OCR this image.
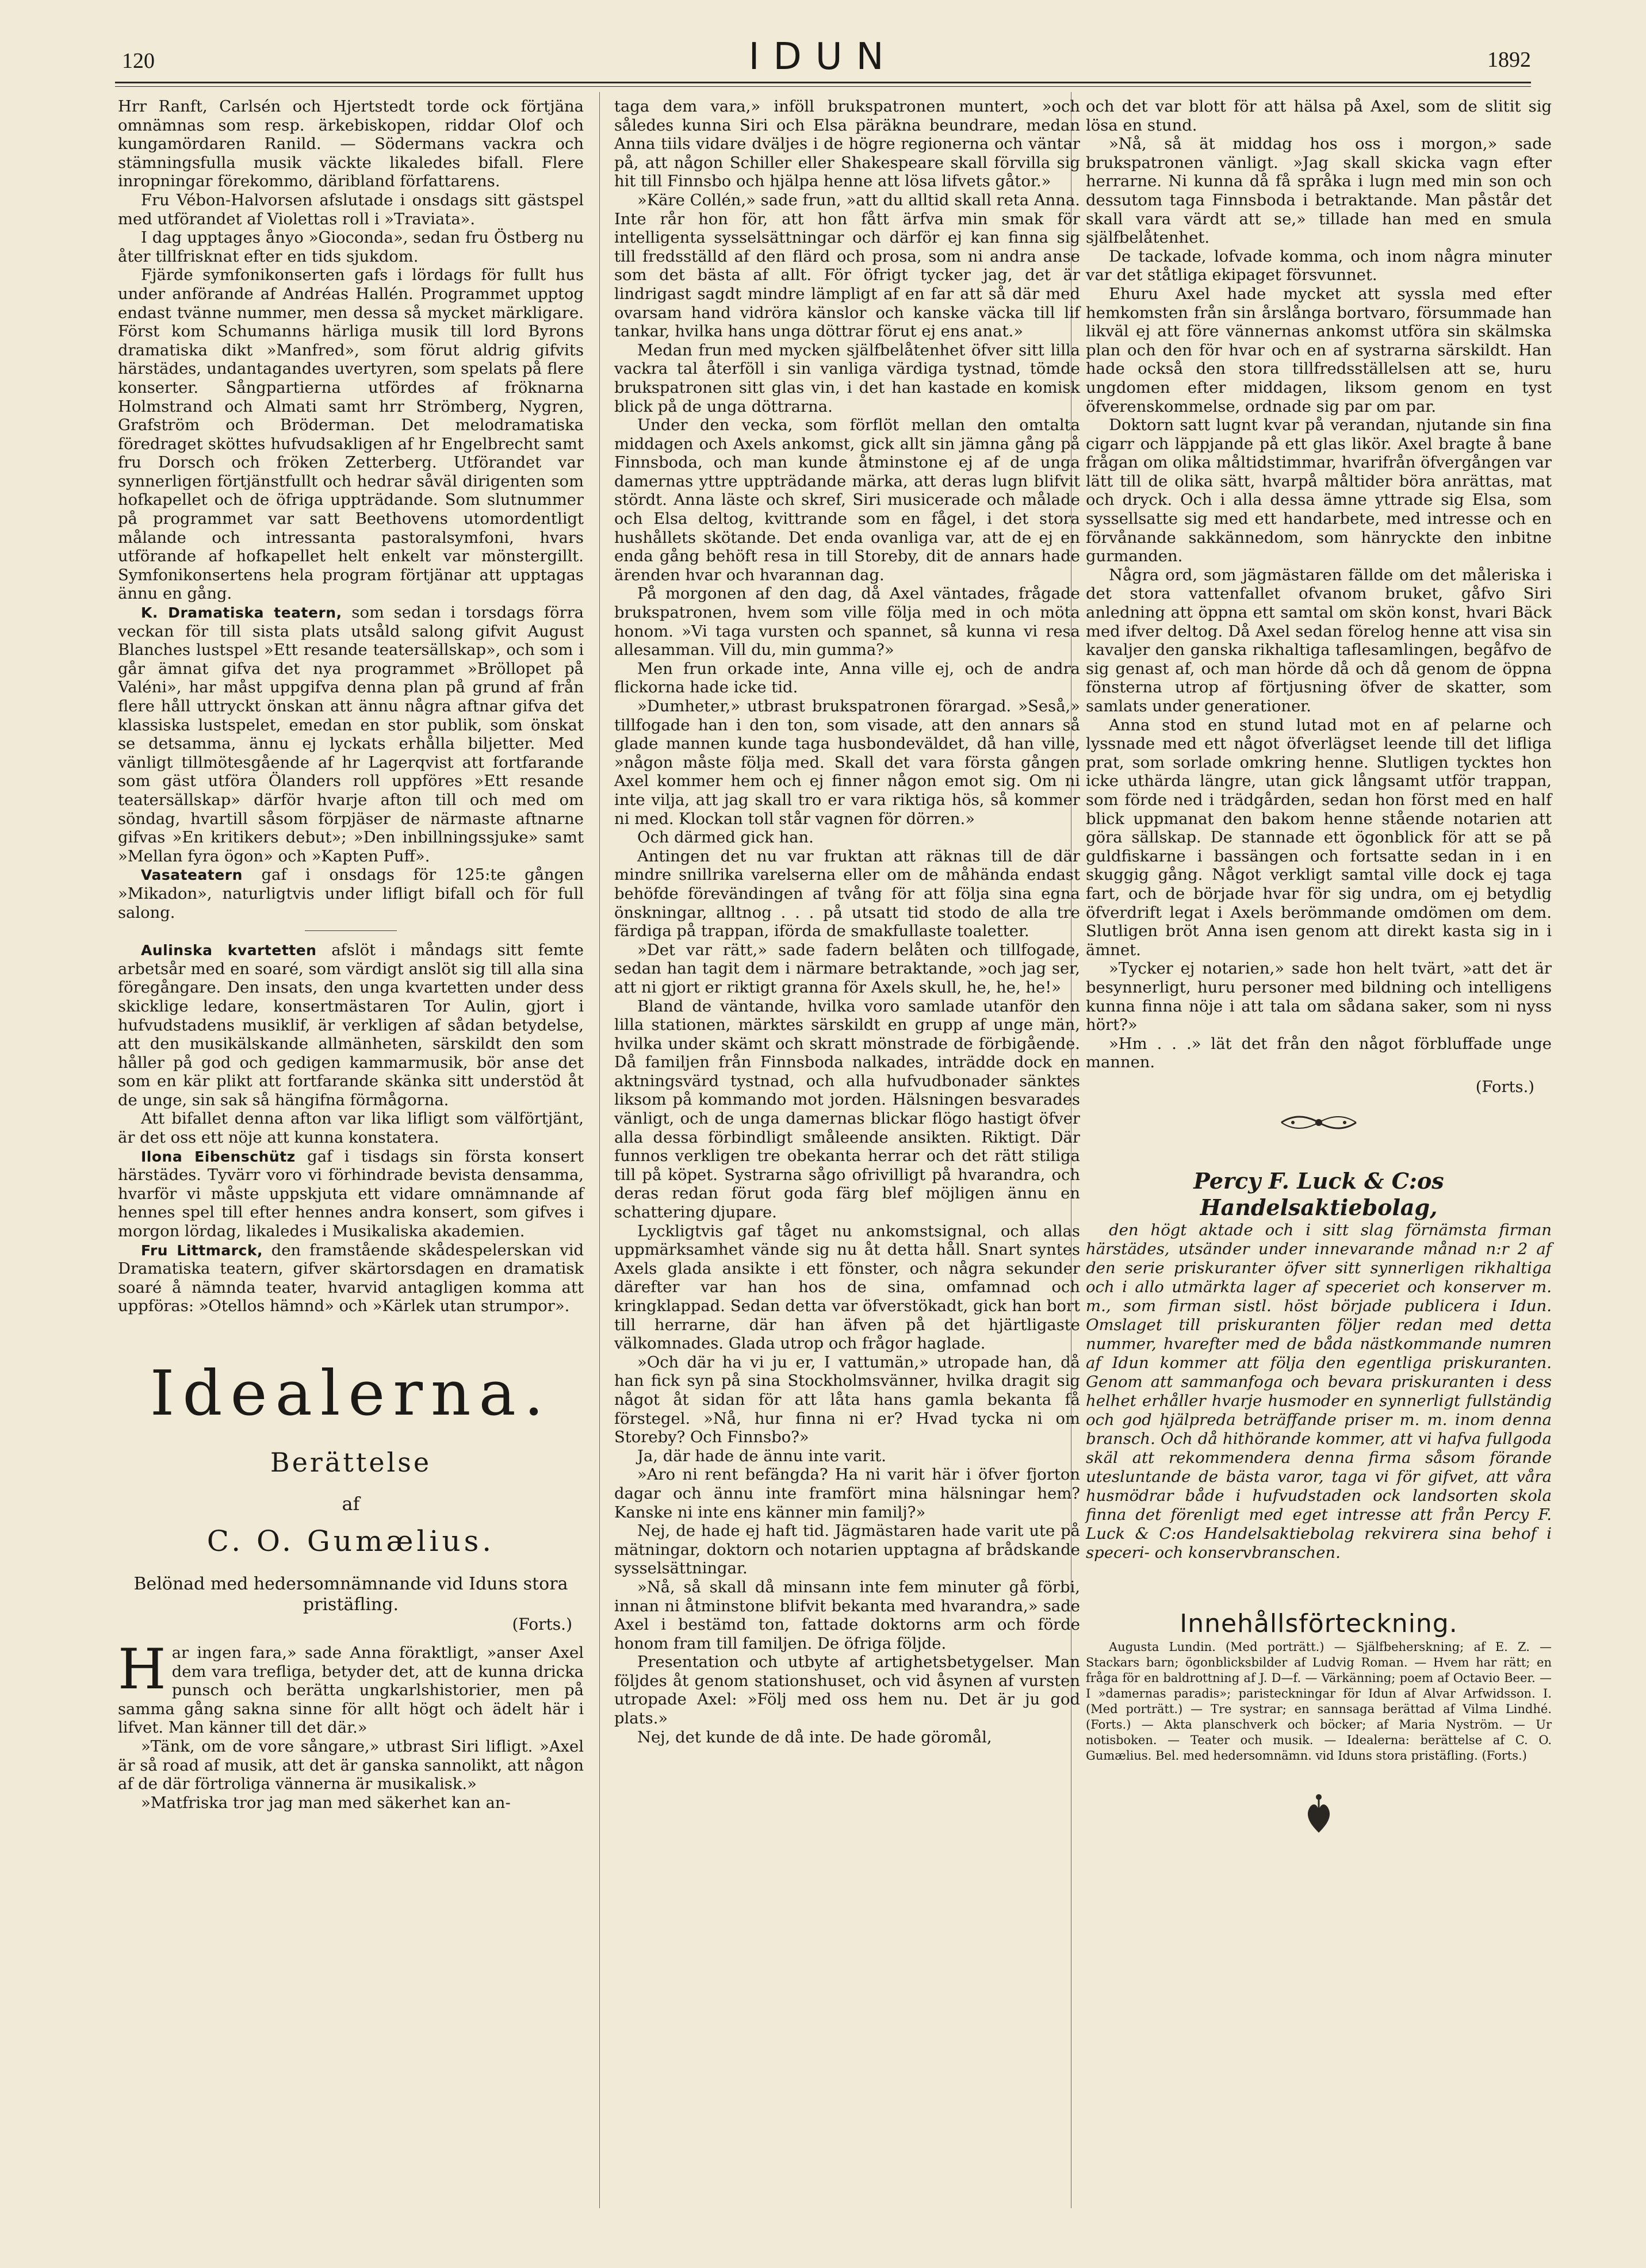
120	IDUN	1892

Hrr Ranft, Carlsén och Hjertstedt torde ock förtjäna omnämnas som resp. ärkebiskopen, riddar Olof och kungamördaren Ranild. — Södermans vackra och stämningsfulla musik väckte likaledes bifall. Flere inropningar förekommo, däribland författarens.

Fru Vébon-Halvorsen afslutade i onsdags sitt gästspel med utförandet af Violettas roll i »Traviata».

I dag upptages ånyo »Gioconda», sedan fru Östberg nu åter tillfrisknat efter en tids sjukdom.

Fjärde symfonikonserten gafs i lördags för fullt hus under anförande af Andréas Hallén. Programmet upptog endast tvänne nummer, men dessa så mycket märkligare. Först kom Schumanns härliga musik till lord Byrons dramatiska dikt »Manfred», som förut aldrig gifvits härstädes, undantagandes uvertyren, som spelats på flere konserter. Sångpartierna utfördes af fröknarna Holmstrand och Almati samt hrr Strömberg, Nygren, Grafström och Bröderman. Det melodramatiska föredraget sköttes hufvudsakligen af hr Engelbrecht samt fru Dorsch och fröken Zetterberg. Utförandet var synnerligen förtjänstfullt och hedrar såväl dirigenten som hofkapellet och de öfriga uppträdande. Som slutnummer på programmet var satt Beethovens utomordentligt målande och intressanta pastoralsymfoni, hvars utförande af hofkapellet helt enkelt var mönstergillt. Symfonikonsertens hela program förtjänar att upptagas ännu en gång.

K. Dramatiska teatern, som sedan i torsdags förra veckan för till sista plats utsåld salong gifvit August Blanches lustspel »Ett resande teatersällskap», och som i går ämnat gifva det nya programmet »Bröllopet på Valéni», har måst uppgifva denna plan på grund af från flere håll uttryckt önskan att ännu några aftnar gifva det klassiska lustspelet, emedan en stor publik, som önskat se detsamma, ännu ej lyckats erhålla biljetter. Med vänligt tillmötesgående af hr Lagerqvist att fortfarande som gäst utföra Ölanders roll uppföres »Ett resande teatersällskap» därför hvarje afton till och med om söndag, hvartill såsom förpjäser de närmaste aftnarne gifvas »En kritikers debut»; »Den inbillningssjuke» samt »Mellan fyra ögon» och »Kapten Puff».

Vasateatern gaf i onsdags för 125:te gången »Mikadon», naturligtvis under lifligt bifall och för full salong.

Aulinska kvartetten afslöt i måndags sitt femte arbetsår med en soaré, som värdigt anslöt sig till alla sina föregångare. Den insats, den unga kvartetten under dess skicklige ledare, konsertmästaren Tor Aulin, gjort i hufvudstadens musiklif, är verkligen af sådan betydelse, att den musikälskande allmänheten, särskildt den som håller på god och gedigen kammarmusik, bör anse det som en kär plikt att fortfarande skänka sitt understöd åt de unge, sin sak så hängifna förmågorna.

Att bifallet denna afton var lika lifligt som välförtjänt, är det oss ett nöje att kunna konstatera.

Ilona Eibenschütz gaf i tisdags sin första konsert härstädes. Tyvärr voro vi förhindrade bevista densamma, hvarför vi måste uppskjuta ett vidare omnämnande af hennes spel till efter hennes andra konsert, som gifves i morgon lördag, likaledes i Musikaliska akademien.

Fru Littmarck, den framstående skådespelerskan vid Dramatiska teatern, gifver skärtorsdagen en dramatisk soaré å nämnda teater, hvarvid antagligen komma att uppföras: »Otellos hämnd» och »Kärlek utan strumpor».

Idealerna.
Berättelse
af
C. O. Gumælius.
Belönad med hedersomnämnande vid Iduns stora pristäfling.
(Forts.)

Har ingen fara,» sade Anna föraktligt, »anser Axel dem vara trefliga, betyder det, att de kunna dricka punsch och berätta ungkarlshistorier, men på samma gång sakna sinne för allt högt och ädelt här i lifvet. Man känner till det där.»

»Tänk, om de vore sångare,» utbrast Siri lifligt. »Axel är så road af musik, att det är ganska sannolikt, att någon af de där förtroliga vännerna är musikalisk.»

»Matfriska tror jag man med säkerhet kan an-

taga dem vara,» inföll brukspatronen muntert, »och således kunna Siri och Elsa päräkna beundrare, medan Anna tiils vidare dväljes i de högre regionerna och väntar på, att någon Schiller eller Shakespeare skall förvilla sig hit till Finnsbo och hjälpa henne att lösa lifvets gåtor.»

»Käre Collén,» sade frun, »att du alltid skall reta Anna. Inte rår hon för, att hon fått ärfva min smak för intelligenta sysselsättningar och därför ej kan finna sig till fredsställd af den flärd och prosa, som ni andra anse som det bästa af allt. För öfrigt tycker jag, det är lindrigast sagdt mindre lämpligt af en far att så där med ovarsam hand vidröra känslor och kanske väcka till lif tankar, hvilka hans unga döttrar förut ej ens anat.»

Medan frun med mycken själfbelåtenhet öfver sitt lilla vackra tal återföll i sin vanliga värdiga tystnad, tömde brukspatronen sitt glas vin, i det han kastade en komisk blick på de unga döttrarna.

Under den vecka, som förflöt mellan den omtalta middagen och Axels ankomst, gick allt sin jämna gång på Finnsboda, och man kunde åtminstone ej af de unga damernas yttre uppträdande märka, att deras lugn blifvit stördt. Anna läste och skref, Siri musicerade och målade och Elsa deltog, kvittrande som en fågel, i det stora hushållets skötande. Det enda ovanliga var, att de ej en enda gång behöft resa in till Storeby, dit de annars hade ärenden hvar och hvarannan dag.

På morgonen af den dag, då Axel väntades, frågade brukspatronen, hvem som ville följa med in och möta honom. »Vi taga vursten och spannet, så kunna vi resa allesamman. Vill du, min gumma?»

Men frun orkade inte, Anna ville ej, och de andra flickorna hade icke tid.

»Dumheter,» utbrast brukspatronen förargad. »Seså,» tillfogade han i den ton, som visade, att den annars så glade mannen kunde taga husbondeväldet, då han ville, »någon måste följa med. Skall det vara första gången Axel kommer hem och ej finner någon emot sig. Om ni inte vilja, att jag skall tro er vara riktiga hös, så kommer ni med. Klockan toll står vagnen för dörren.»

Och därmed gick han.

Antingen det nu var fruktan att räknas till de där mindre snillrika varelserna eller om de måhända endast behöfde förevändingen af tvång för att följa sina egna önskningar, alltnog . . . på utsatt tid stodo de alla tre färdiga på trappan, iförda de smakfullaste toaletter.

»Det var rätt,» sade fadern belåten och tillfogade, sedan han tagit dem i närmare betraktande, »och jag ser, att ni gjort er riktigt granna för Axels skull, he, he, he!»

Bland de väntande, hvilka voro samlade utanför den lilla stationen, märktes särskildt en grupp af unge män, hvilka under skämt och skratt mönstrade de förbigående. Då familjen från Finnsboda nalkades, inträdde dock en aktningsvärd tystnad, och alla hufvudbonader sänktes liksom på kommando mot jorden. Hälsningen besvarades vänligt, och de unga damernas blickar flögo hastigt öfver alla dessa förbindligt småleende ansikten. Riktigt. Där funnos verkligen tre obekanta herrar och det rätt stiliga till på köpet. Systrarna sågo ofrivilligt på hvarandra, och deras redan förut goda färg blef möjligen ännu en schattering djupare.

Lyckligtvis gaf tåget nu ankomstsignal, och allas uppmärksamhet vände sig nu åt detta håll. Snart syntes Axels glada ansikte i ett fönster, och några sekunder därefter var han hos de sina, omfamnad och kringklappad. Sedan detta var öfverstökadt, gick han bort till herrarne, där han äfven på det hjärtligaste välkomnades. Glada utrop och frågor haglade.

»Och där ha vi ju er, I vattumän,» utropade han, då han fick syn på sina Stockholmsvänner, hvilka dragit sig något åt sidan för att låta hans gamla bekanta få förstegel. »Nå, hur finna ni er? Hvad tycka ni om Storeby? Och Finnsbo?»

Ja, där hade de ännu inte varit.

»Aro ni rent befängda? Ha ni varit här i öfver fjorton dagar och ännu inte framfört mina hälsningar hem? Kanske ni inte ens känner min familj?»

Nej, de hade ej haft tid. Jägmästaren hade varit ute på mätningar, doktorn och notarien upptagna af brådskande sysselsättningar.

»Nå, så skall då minsann inte fem minuter gå förbi, innan ni åtminstone blifvit bekanta med hvarandra,» sade Axel i bestämd ton, fattade doktorns arm och förde honom fram till familjen. De öfriga följde.

Presentation och utbyte af artighetsbetygelser. Man följdes åt genom stationshuset, och vid åsynen af vursten utropade Axel: »Följ med oss hem nu. Det är ju god plats.»

Nej, det kunde de då inte. De hade göromål,

och det var blott för att hälsa på Axel, som de slitit sig lösa en stund.

»Nå, så ät middag hos oss i morgon,» sade brukspatronen vänligt. »Jag skall skicka vagn efter herrarne. Ni kunna då få språka i lugn med min son och dessutom taga Finnsboda i betraktande. Man påstår det skall vara värdt att se,» tillade han med en smula själfbelåtenhet.

De tackade, lofvade komma, och inom några minuter var det ståtliga ekipaget försvunnet.

Ehuru Axel hade mycket att syssla med efter hemkomsten från sin årslånga bortvaro, försummade han likväl ej att före vännernas ankomst utföra sin skälmska plan och den för hvar och en af systrarna särskildt. Han hade också den stora tillfredsställelsen att se, huru ungdomen efter middagen, liksom genom en tyst öfverenskommelse, ordnade sig par om par.

Doktorn satt lugnt kvar på verandan, njutande sin fina cigarr och läppjande på ett glas likör. Axel bragte å bane frågan om olika måltidstimmar, hvarifrån öfvergången var lätt till de olika sätt, hvarpå måltider böra anrättas, mat och dryck. Och i alla dessa ämne yttrade sig Elsa, som syssellsatte sig med ett handarbete, med intresse och en förvånande sakkännedom, som hänryckte den inbitne gurmanden.

Några ord, som jägmästaren fällde om det måleriska i det stora vattenfallet ofvanom bruket, gåfvo Siri anledning att öppna ett samtal om skön konst, hvari Bäck med ifver deltog. Då Axel sedan förelog henne att visa sin kavaljer den ganska rikhaltiga taflesamlingen, begåfvo de sig genast af, och man hörde då och då genom de öppna fönsterna utrop af förtjusning öfver de skatter, som samlats under generationer.

Anna stod en stund lutad mot en af pelarne och lyssnade med ett något öfverlägset leende till det lifliga prat, som sorlade omkring henne. Slutligen tycktes hon icke uthärda längre, utan gick långsamt utför trappan, som förde ned i trädgården, sedan hon först med en half blick uppmanat den bakom henne stående notarien att göra sällskap. De stannade ett ögonblick för att se på guldfiskarne i bassängen och fortsatte sedan in i en skuggig gång. Något verkligt samtal ville dock ej taga fart, och de började hvar för sig undra, om ej betydlig öfverdrift legat i Axels berömmande omdömen om dem. Slutligen bröt Anna isen genom att direkt kasta sig in i ämnet.

»Tycker ej notarien,» sade hon helt tvärt, »att det är besynnerligt, huru personer med bildning och intelligens kunna finna nöje i att tala om sådana saker, som ni nyss hört?»

»Hm . . .» lät det från den något förbluffade unge mannen.

(Forts.)
Percy F. Luck & C:os Handelsaktiebolag,

den högt aktade och i sitt slag förnämsta firman härstädes, utsänder under innevarande månad n:r 2 af den serie priskuranter öfver sitt synnerligen rikhaltiga och i allo utmärkta lager af speceriet och konserver m. m., som firman sistl. höst började publicera i Idun. Omslaget till priskuranten följer redan med detta nummer, hvarefter med de båda nästkommande numren af Idun kommer att följa den egentliga priskuranten. Genom att sammanfoga och bevara priskuranten i dess helhet erhåller hvarje husmoder en synnerligt fullständig och god hjälpreda beträffande priser m. m. inom denna bransch. Och då hithörande kommer, att vi hafva fullgoda skäl att rekommendera denna firma såsom förande utesluntande de bästa varor, taga vi för gifvet, att våra husmödrar både i hufvudstaden ock landsorten skola finna det förenligt med eget intresse att från Percy F. Luck & C:os Handelsaktiebolag rekvirera sina behof i speceri- och konservbranschen.

Innehållsförteckning.

Augusta Lundin. (Med porträtt.) — Själfbeherskning; af E. Z. — Stackars barn; ögonblicksbilder af Ludvig Roman. — Hvem har rätt; en fråga för en baldrottning af J. D—f. — Värkänning; poem af Octavio Beer. — I »damernas paradis»; paristeckningar för Idun af Alvar Arfwidsson. I. (Med porträtt.) — Tre systrar; en sannsaga berättad af Vilma Lindhé. (Forts.) — Akta planschverk och böcker; af Maria Nyström. — Ur notisboken. — Teater och musik. — Idealerna: berättelse af C. O. Gumælius. Bel. med hedersomnämn. vid Iduns stora pristäfling. (Forts.)
